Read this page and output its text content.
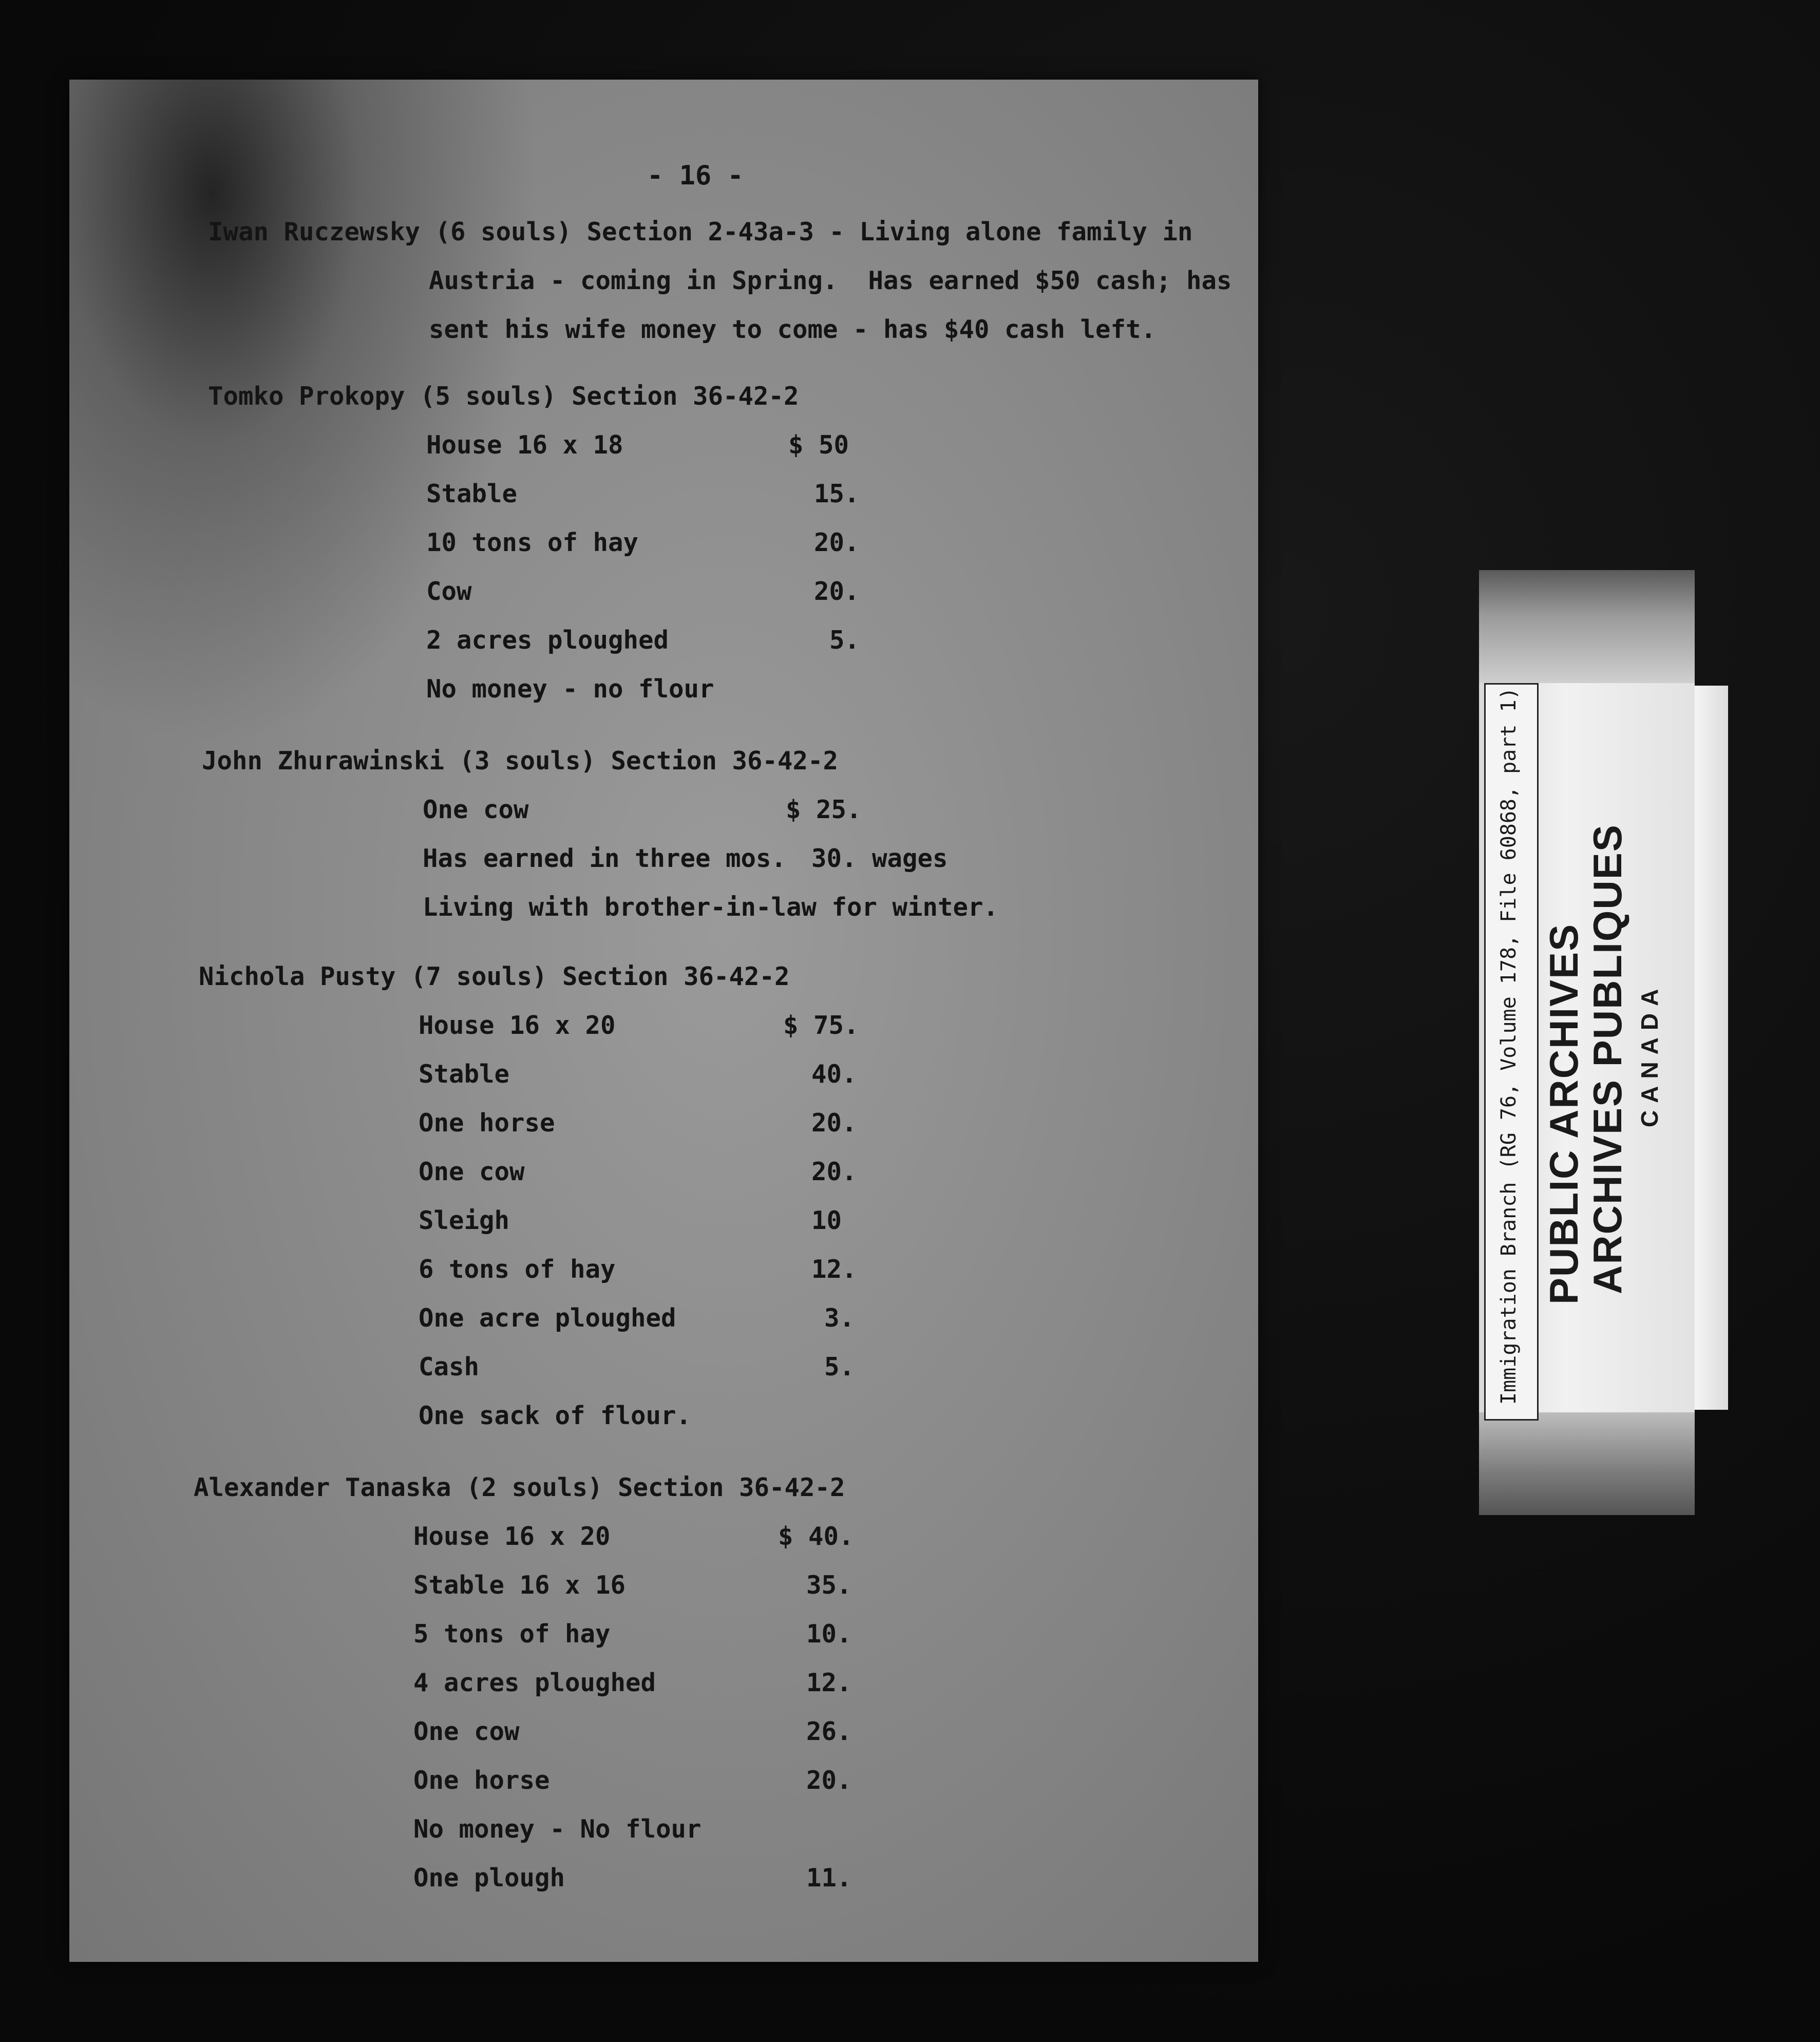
- 16 -
Iwan Ruczewsky (6 souls) Section 2-43a-3 - Living alone family in
Austria - coming in Spring.  Has earned $50 cash; has
sent his wife money to come - has $40 cash left.
Tomko Prokopy (5 souls) Section 36-42-2
House 16 x 18	$ 50
Stable	15.
10 tons of hay	20.
Cow	20.
2 acres ploughed	5.
No money - no flour
John Zhurawinski (3 souls) Section 36-42-2
One cow	$ 25.
Has earned in three mos. 30. wages
Living with brother-in-law for winter.
Nichola Pusty (7 souls) Section 36-42-2
House 16 x 20	$ 75.
Stable	40.
One horse	20.
One cow	20.
Sleigh	10
6 tons of hay	12.
One acre ploughed	3.
Cash	5.
One sack of flour.
Alexander Tanaska (2 souls) Section 36-42-2
House 16 x 20	$ 40.
Stable 16 x 16	35.
5 tons of hay	10.
4 acres ploughed	12.
One cow	26.
One horse	20.
No money - No flour
One plough	11.
Immigration Branch (RG 76, Volume 178, File 60868, part 1) PUBLIC ARCHIVES
ARCHIVES PUBLIQUES CANADA
